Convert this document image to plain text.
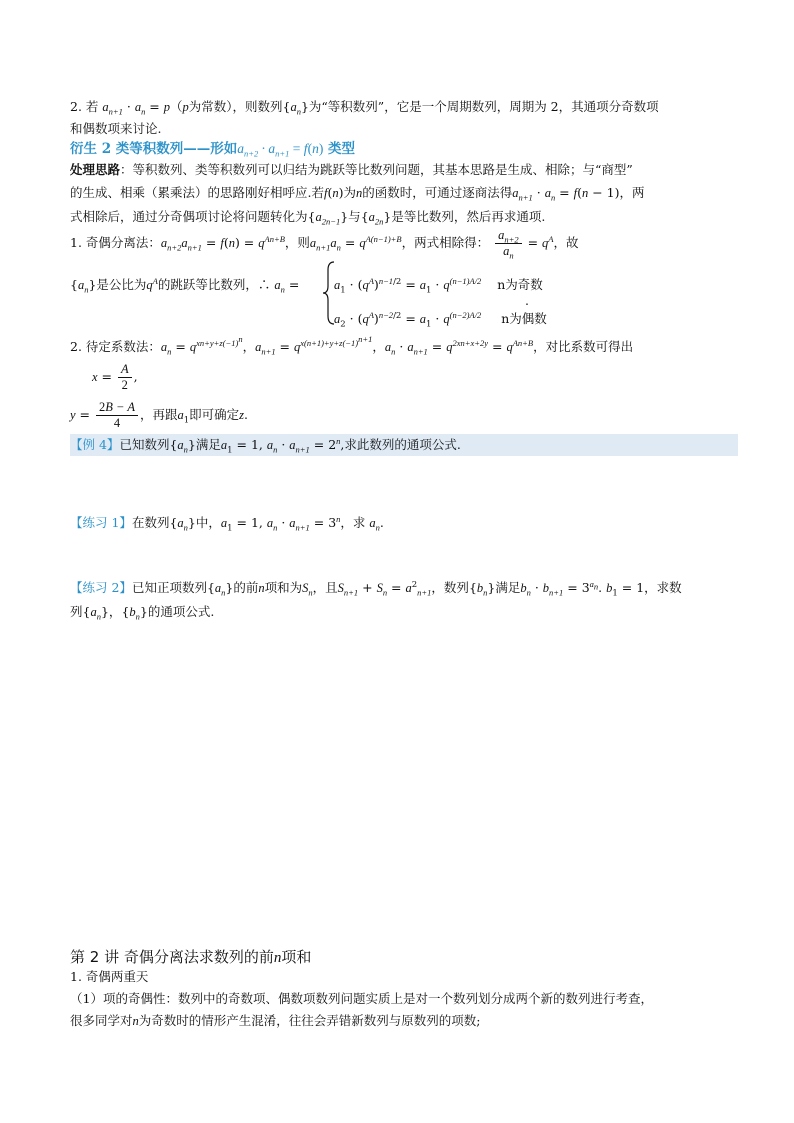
2. 若 $a_{n+1} \cdot a_n = p(p$为常数），则数列$\{a_n\}$为“等积数列”，它是一个周期数列，周期为 2，其通项分奇数项
和偶数项来讨论.
衍生 2 类等积数列——形如$a_{n+2} \cdot a_{n+1} = f(n)$ 类型
处理思路：等积数列、类等积数列可以归结为跳跃等比数列问题，其基本思路是生成、相除；与“商型”
的生成、相乘（累乘法）的思路刚好相呼应.若f(n)为n的函数时，可通过逐商法得$a_{n+1} \cdot a_n = f(n - 1)$，两
式相除后，通过分奇偶项讨论将问题转化为$\{a_{2n-1}\}$与$\{a_{2n}\}$是等比数列，然后再求通项.
1. 奇偶分离法：$a_{n+2}a_{n+1} = f(n) = q^{An+B}$，则$a_{n+1}a_n = q^{A(n-1)+B}$，两式相除得： $\frac{a_{n+2}}{a_n} = q^A$，故
$\{a_n\}$是公比为$q^A$的跳跃等比数列，∴ $a_n$ =	$a_1 \cdot (q^A)^{n-1/2} = a_1 \cdot q^{(n-1)A/2}$ n为奇数
$a_2 \cdot (q^A)^{n-2/2} = a_1 \cdot q^{(n-2)A/2}$ n为偶数
.
2. 待定系数法：$a_n = q^{xn+y+z(-1)^n}$，$a_{n+1} = q^{x(n+1)+y+z(-1)^{n+1}}$，$a_n \cdot a_{n+1} = q^{2xn+x+2y} = q^{An+B}$，对比系数可得出
$x = \frac{A}{2}$ ,
$y = \frac{2B - A}{4}$ ，再跟$a_1$即可确定z.
【例 4】已知数列$\{a_n\}$满足$a_1 = 1$, $a_n \cdot a_{n+1} = 2^n$,求此数列的通项公式.
【练习 1】在数列$\{a_n\}$中，$a_1 = 1$, $a_n \cdot a_{n+1} = 3^n$，求 $a_n$.
【练习 2】已知正项数列$\{a_n\}$的前n项和为$S_n$，且$S_{n+1} + S_n = a^2_{n+1}$，数列$\{b_n\}$满足$b_n \cdot b_{n+1} = 3^{a_n}$. $b_1 = 1$，求数
列$\{a_n\}$，$\{b_n\}$的通项公式.
第 2 讲 奇偶分离法求数列的前n项和
1. 奇偶两重天
（1）项的奇偶性：数列中的奇数项、偶数项数列问题实质上是对一个数列划分成两个新的数列进行考查，
很多同学对n为奇数时的情形产生混淆，往往会弄错新数列与原数列的项数;
